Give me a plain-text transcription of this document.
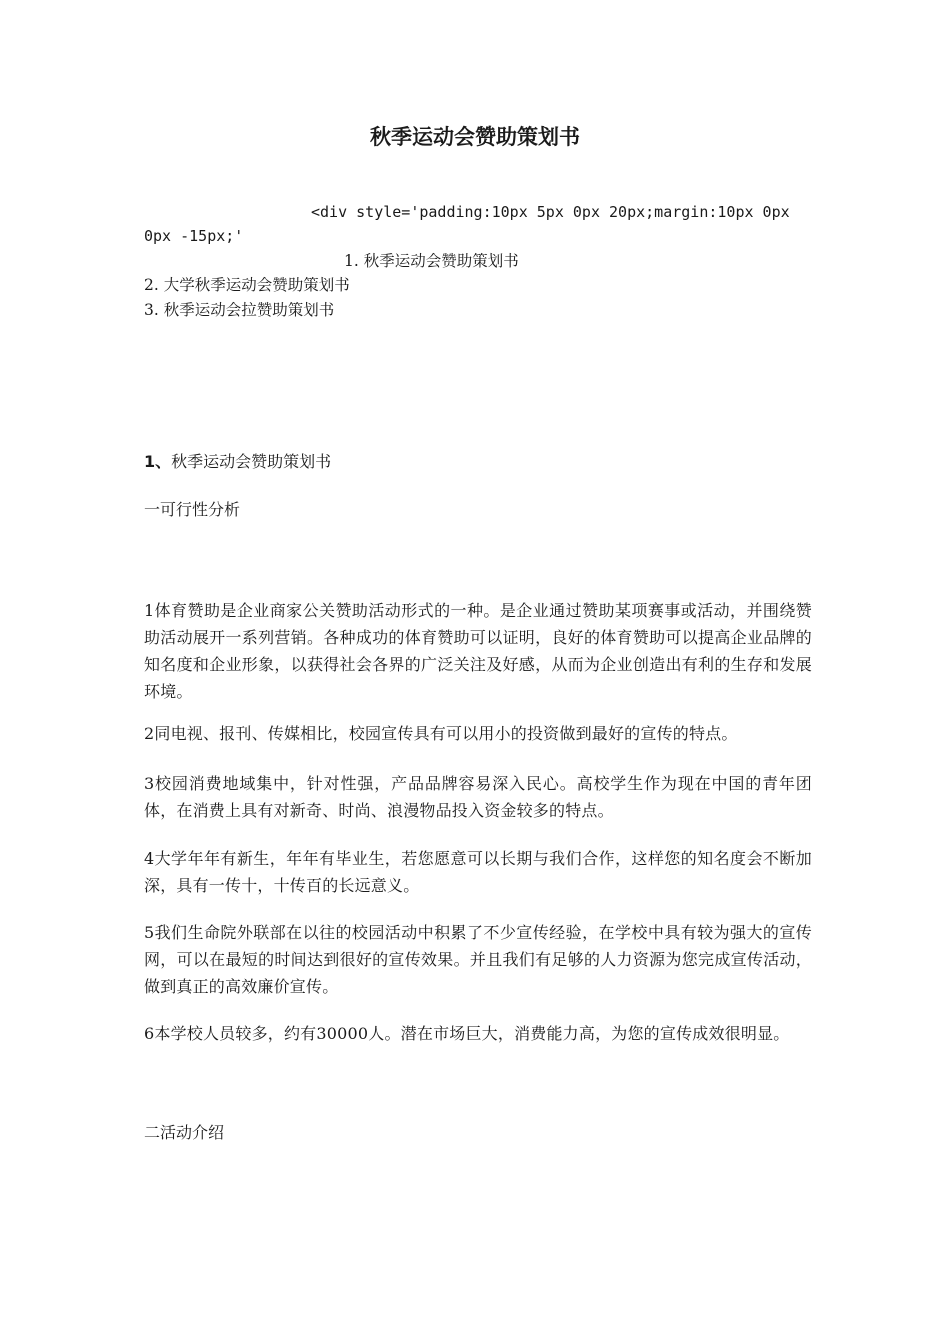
秋季运动会赞助策划书
<div style='padding:10px 5px 0px 20px;margin:10px 0px
0px -15px;'
1. 秋季运动会赞助策划书
2. 大学秋季运动会赞助策划书
3. 秋季运动会拉赞助策划书
1、秋季运动会赞助策划书
一可行性分析
1体育赞助是企业商家公关赞助活动形式的一种。是企业通过赞助某项赛事或活动，并围绕赞助活动展开一系列营销。各种成功的体育赞助可以证明，良好的体育赞助可以提高企业品牌的知名度和企业形象，以获得社会各界的广泛关注及好感，从而为企业创造出有利的生存和发展环境。
2同电视、报刊、传媒相比，校园宣传具有可以用小的投资做到最好的宣传的特点。
3校园消费地域集中，针对性强，产品品牌容易深入民心。高校学生作为现在中国的青年团体，在消费上具有对新奇、时尚、浪漫物品投入资金较多的特点。
4大学年年有新生，年年有毕业生，若您愿意可以长期与我们合作，这样您的知名度会不断加深，具有一传十，十传百的长远意义。
5我们生命院外联部在以往的校园活动中积累了不少宣传经验，在学校中具有较为强大的宣传网，可以在最短的时间达到很好的宣传效果。并且我们有足够的人力资源为您完成宣传活动，做到真正的高效廉价宣传。
6本学校人员较多，约有30000人。潜在市场巨大，消费能力高，为您的宣传成效很明显。
二活动介绍
